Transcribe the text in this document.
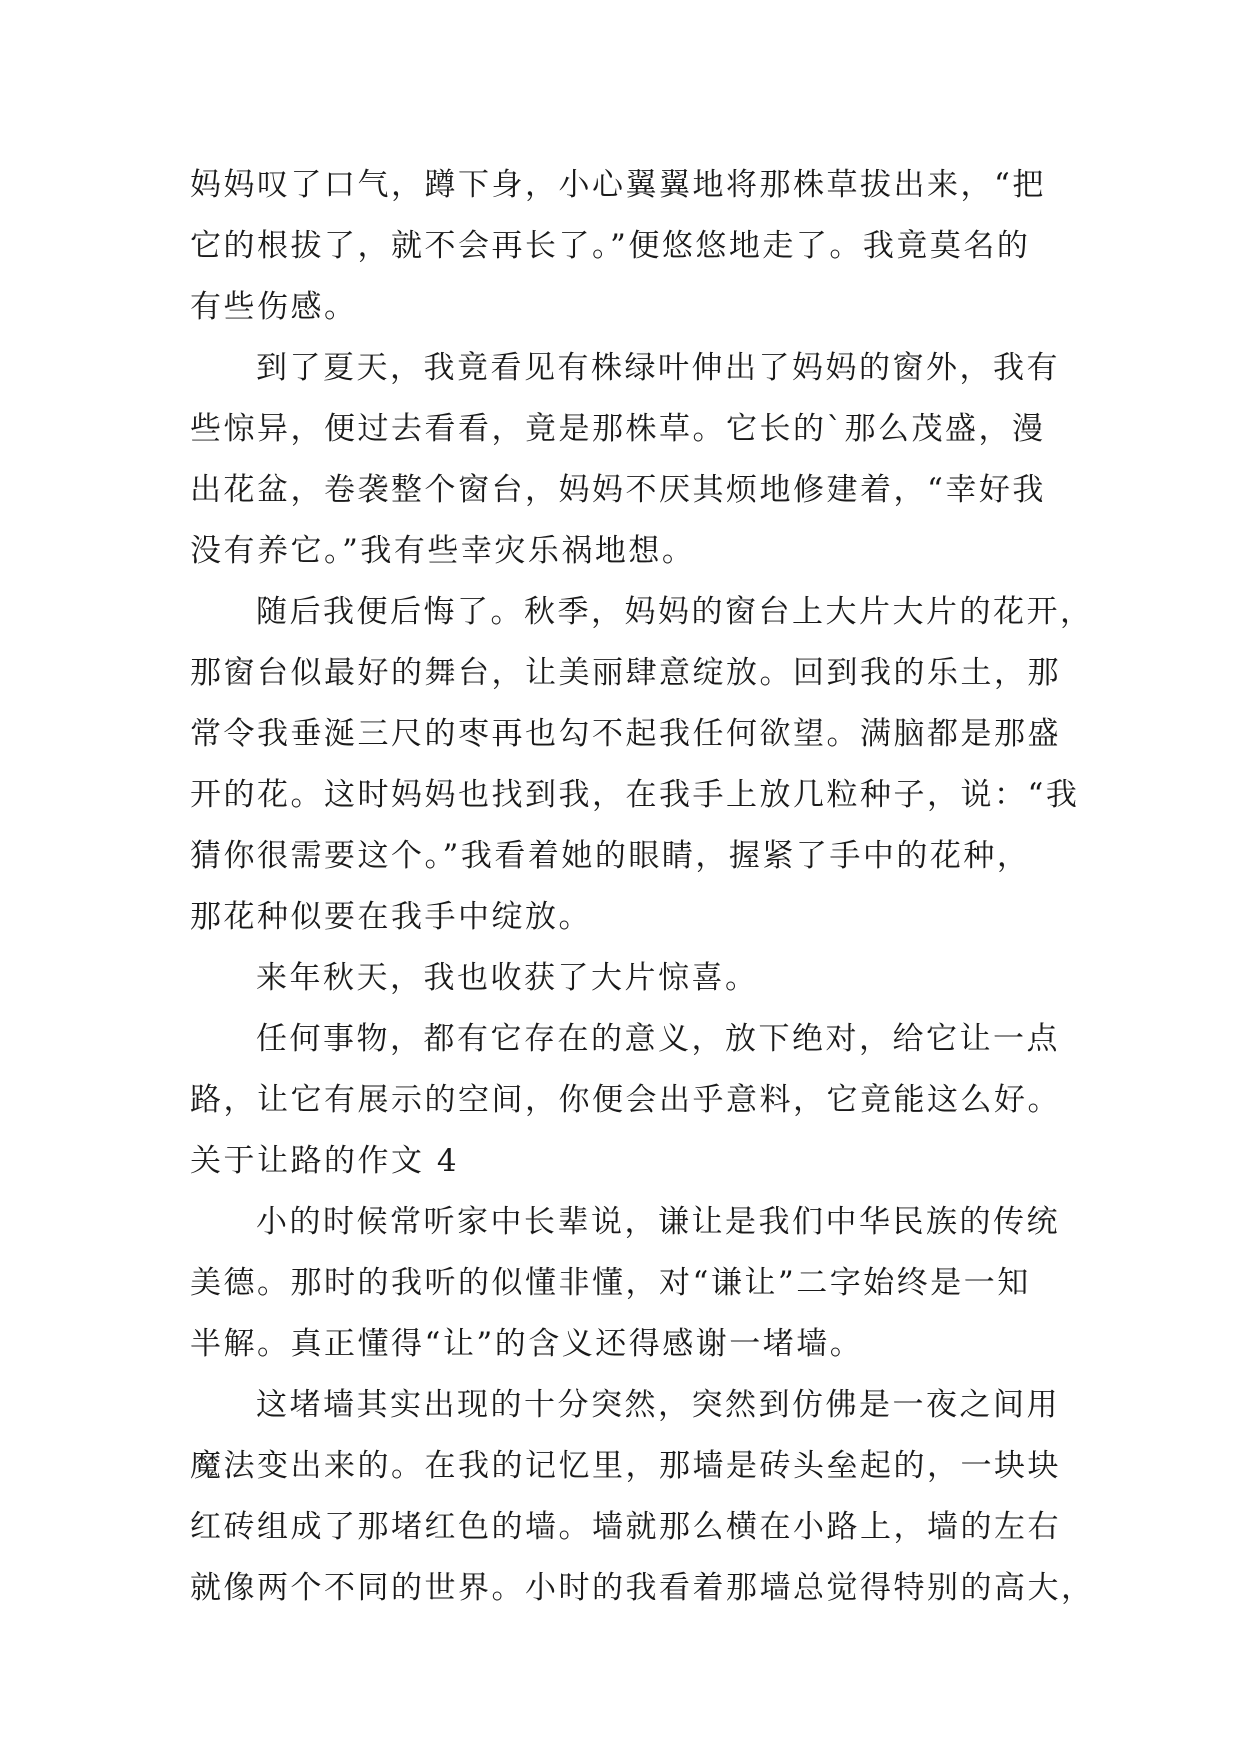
妈妈叹了口气，蹲下身，小心翼翼地将那株草拔出来，“把
它的根拔了，就不会再长了。”便悠悠地走了。我竟莫名的
有些伤感。
到了夏天，我竟看见有株绿叶伸出了妈妈的窗外，我有
些惊异，便过去看看，竟是那株草。它长的`那么茂盛，漫
出花盆，卷袭整个窗台，妈妈不厌其烦地修建着，“幸好我
没有养它。”我有些幸灾乐祸地想。
随后我便后悔了。秋季，妈妈的窗台上大片大片的花开，
那窗台似最好的舞台，让美丽肆意绽放。回到我的乐土，那
常令我垂涎三尺的枣再也勾不起我任何欲望。满脑都是那盛
开的花。这时妈妈也找到我，在我手上放几粒种子，说：“我
猜你很需要这个。”我看着她的眼睛，握紧了手中的花种，
那花种似要在我手中绽放。
来年秋天，我也收获了大片惊喜。
任何事物，都有它存在的意义，放下绝对，给它让一点
路，让它有展示的空间，你便会出乎意料，它竟能这么好。
关于让路的作文 4
小的时候常听家中长辈说，谦让是我们中华民族的传统
美德。那时的我听的似懂非懂，对“谦让”二字始终是一知
半解。真正懂得“让”的含义还得感谢一堵墙。
这堵墙其实出现的十分突然，突然到仿佛是一夜之间用
魔法变出来的。在我的记忆里，那墙是砖头垒起的，一块块
红砖组成了那堵红色的墙。墙就那么横在小路上，墙的左右
就像两个不同的世界。小时的我看着那墙总觉得特别的高大，
